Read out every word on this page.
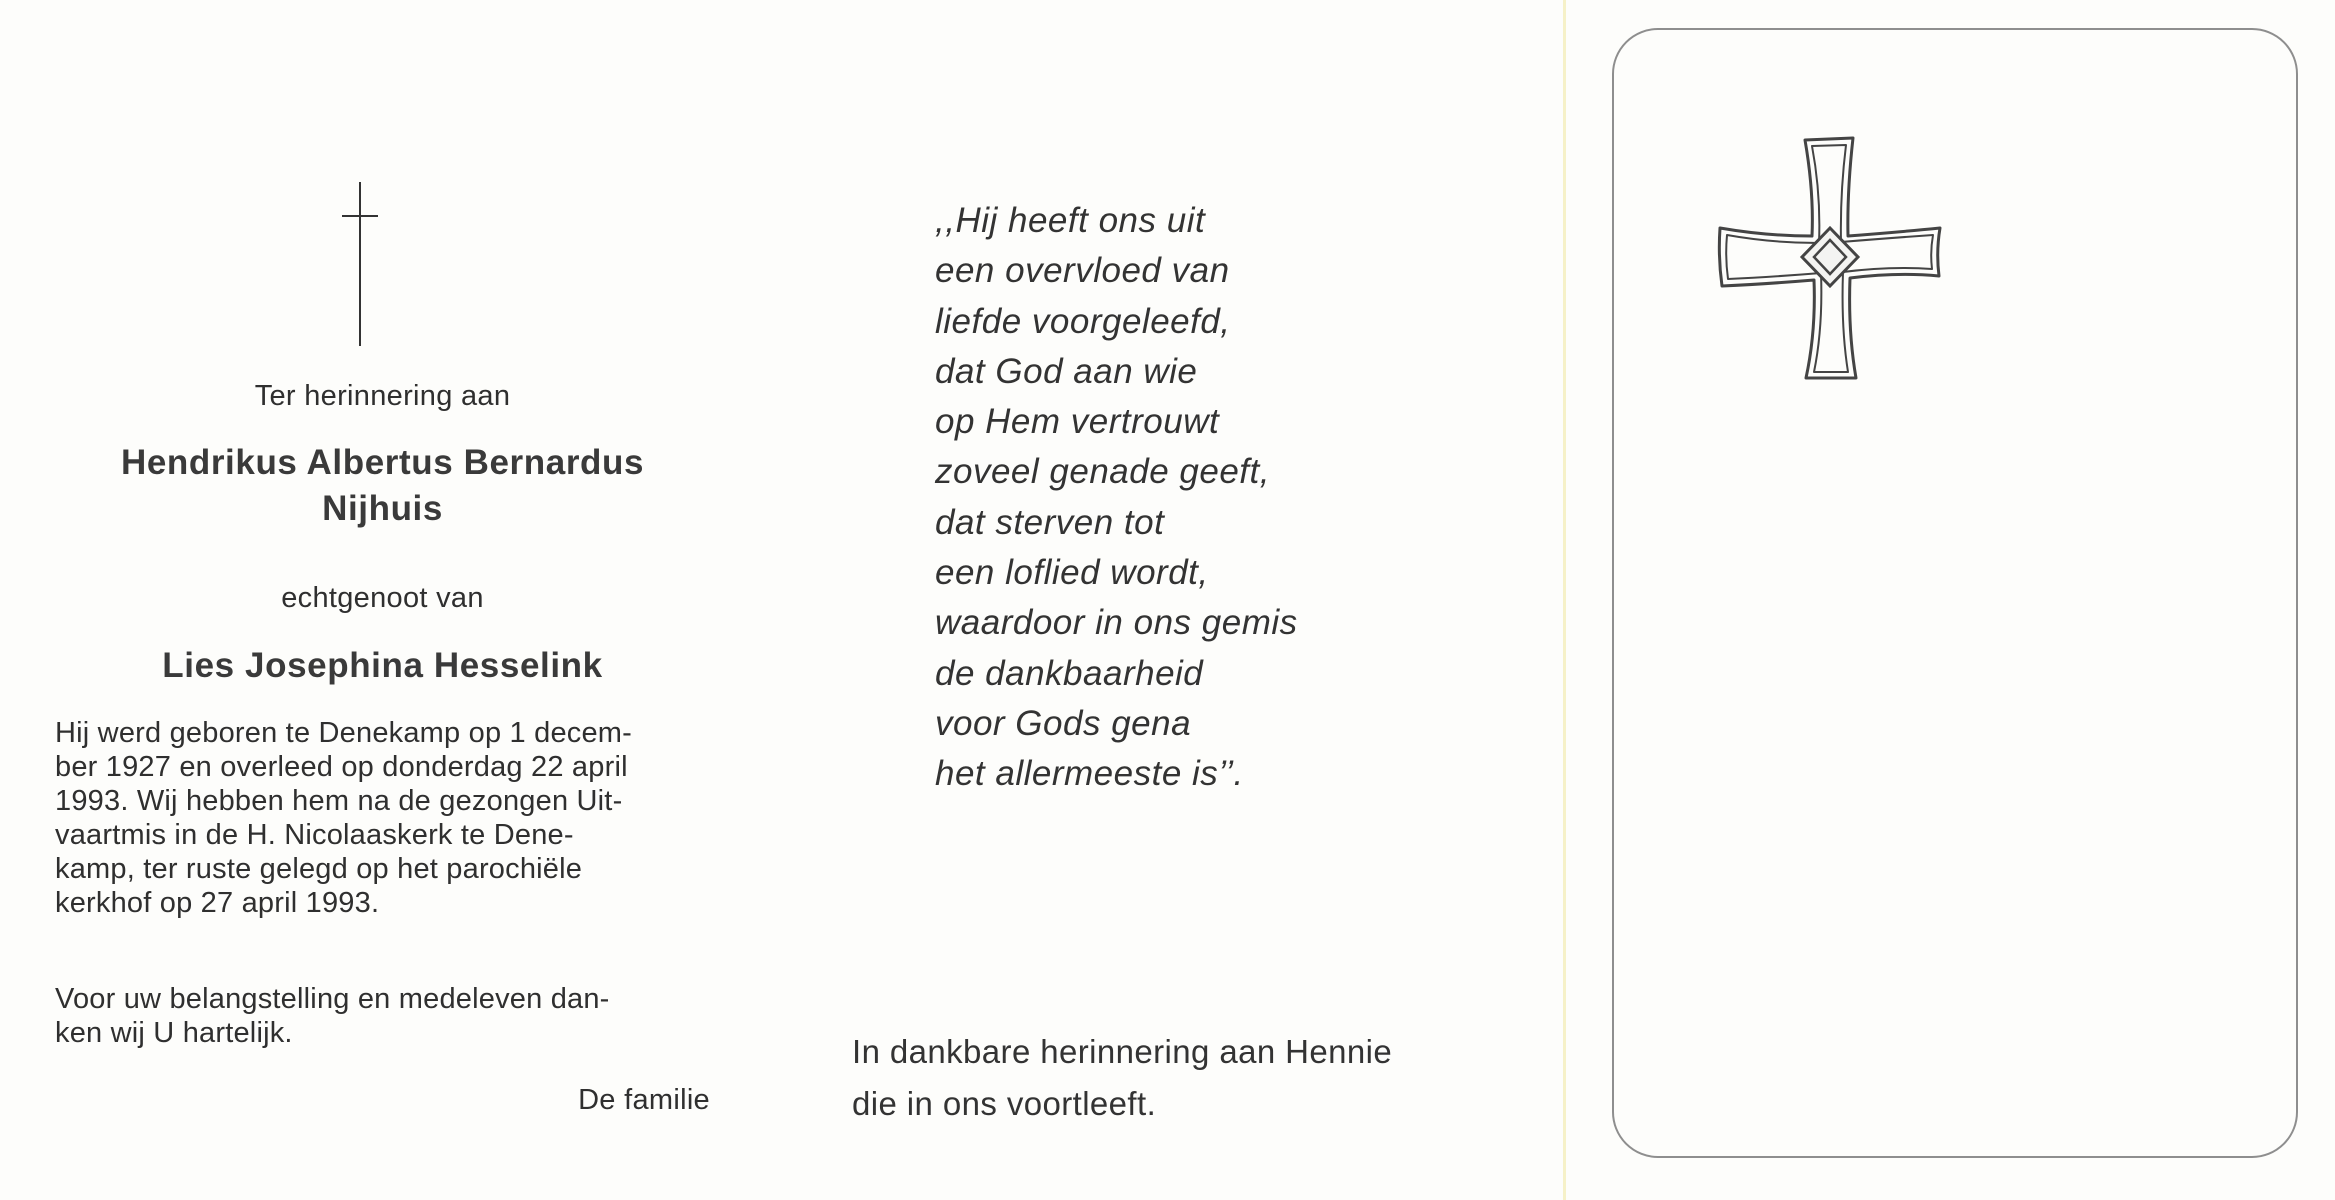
Ter herinnering aan
Hendrikus Albertus Bernardus
Nijhuis
echtgenoot van
Lies Josephina Hesselink
Hij werd geboren te Denekamp op 1 decem-
ber 1927 en overleed op donderdag 22 april
1993. Wij hebben hem na de gezongen Uit-
vaartmis in de H. Nicolaaskerk te Dene-
kamp, ter ruste gelegd op het parochiële
kerkhof op 27 april 1993.
Voor uw belangstelling en medeleven dan-
ken wij U hartelijk.
De familie
,,Hij heeft ons uit
een overvloed van
liefde voorgeleefd,
dat God aan wie
op Hem vertrouwt
zoveel genade geeft,
dat sterven tot
een loflied wordt,
waardoor in ons gemis
de dankbaarheid
voor Gods gena
het allermeeste is’’.
In dankbare herinnering aan Hennie
die in ons voortleeft.
